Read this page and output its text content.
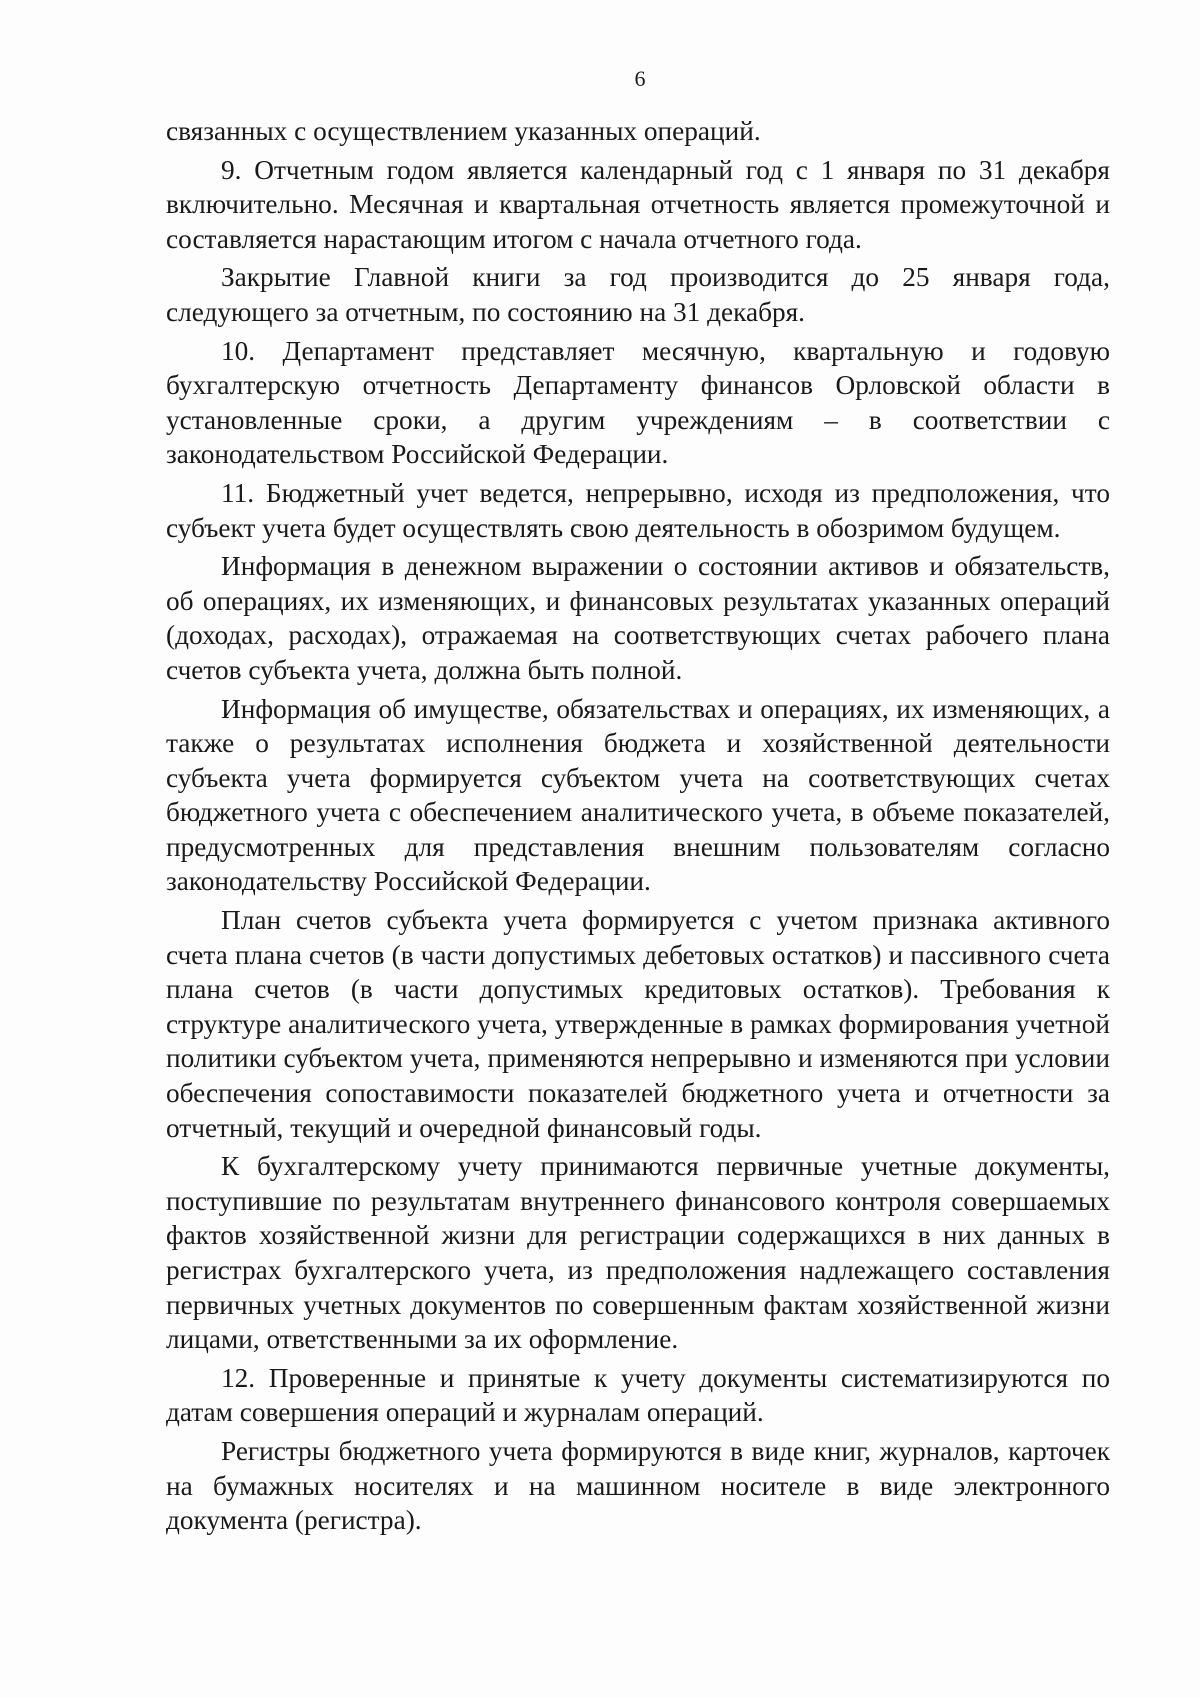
6

связанных с осуществлением указанных операций.

9. Отчетным годом является календарный год с 1 января по 31 декабря включительно. Месячная и квартальная отчетность является промежуточной и составляется нарастающим итогом с начала отчетного года.

Закрытие Главной книги за год производится до 25 января года, следующего за отчетным, по состоянию на 31 декабря.

10. Департамент представляет месячную, квартальную и годовую бухгалтерскую отчетность Департаменту финансов Орловской области в установленные сроки, а другим учреждениям – в соответствии с законодательством Российской Федерации.

11. Бюджетный учет ведется, непрерывно, исходя из предположения, что субъект учета будет осуществлять свою деятельность в обозримом будущем.

Информация в денежном выражении о состоянии активов и обязательств, об операциях, их изменяющих, и финансовых результатах указанных операций (доходах, расходах), отражаемая на соответствующих счетах рабочего плана счетов субъекта учета, должна быть полной.

Информация об имуществе, обязательствах и операциях, их изменяющих, а также о результатах исполнения бюджета и хозяйственной деятельности субъекта учета формируется субъектом учета на соответствующих счетах бюджетного учета с обеспечением аналитического учета, в объеме показателей, предусмотренных для представления внешним пользователям согласно законодательству Российской Федерации.

План счетов субъекта учета формируется с учетом признака активного счета плана счетов (в части допустимых дебетовых остатков) и пассивного счета плана счетов (в части допустимых кредитовых остатков). Требования к структуре аналитического учета, утвержденные в рамках формирования учетной политики субъектом учета, применяются непрерывно и изменяются при условии обеспечения сопоставимости показателей бюджетного учета и отчетности за отчетный, текущий и очередной финансовый годы.

К бухгалтерскому учету принимаются первичные учетные документы, поступившие по результатам внутреннего финансового контроля совершаемых фактов хозяйственной жизни для регистрации содержащихся в них данных в регистрах бухгалтерского учета, из предположения надлежащего составления первичных учетных документов по совершенным фактам хозяйственной жизни лицами, ответственными за их оформление.

12. Проверенные и принятые к учету документы систематизируются по датам совершения операций и журналам операций.

Регистры бюджетного учета формируются в виде книг, журналов, карточек на бумажных носителях и на машинном носителе в виде электронного документа (регистра).
